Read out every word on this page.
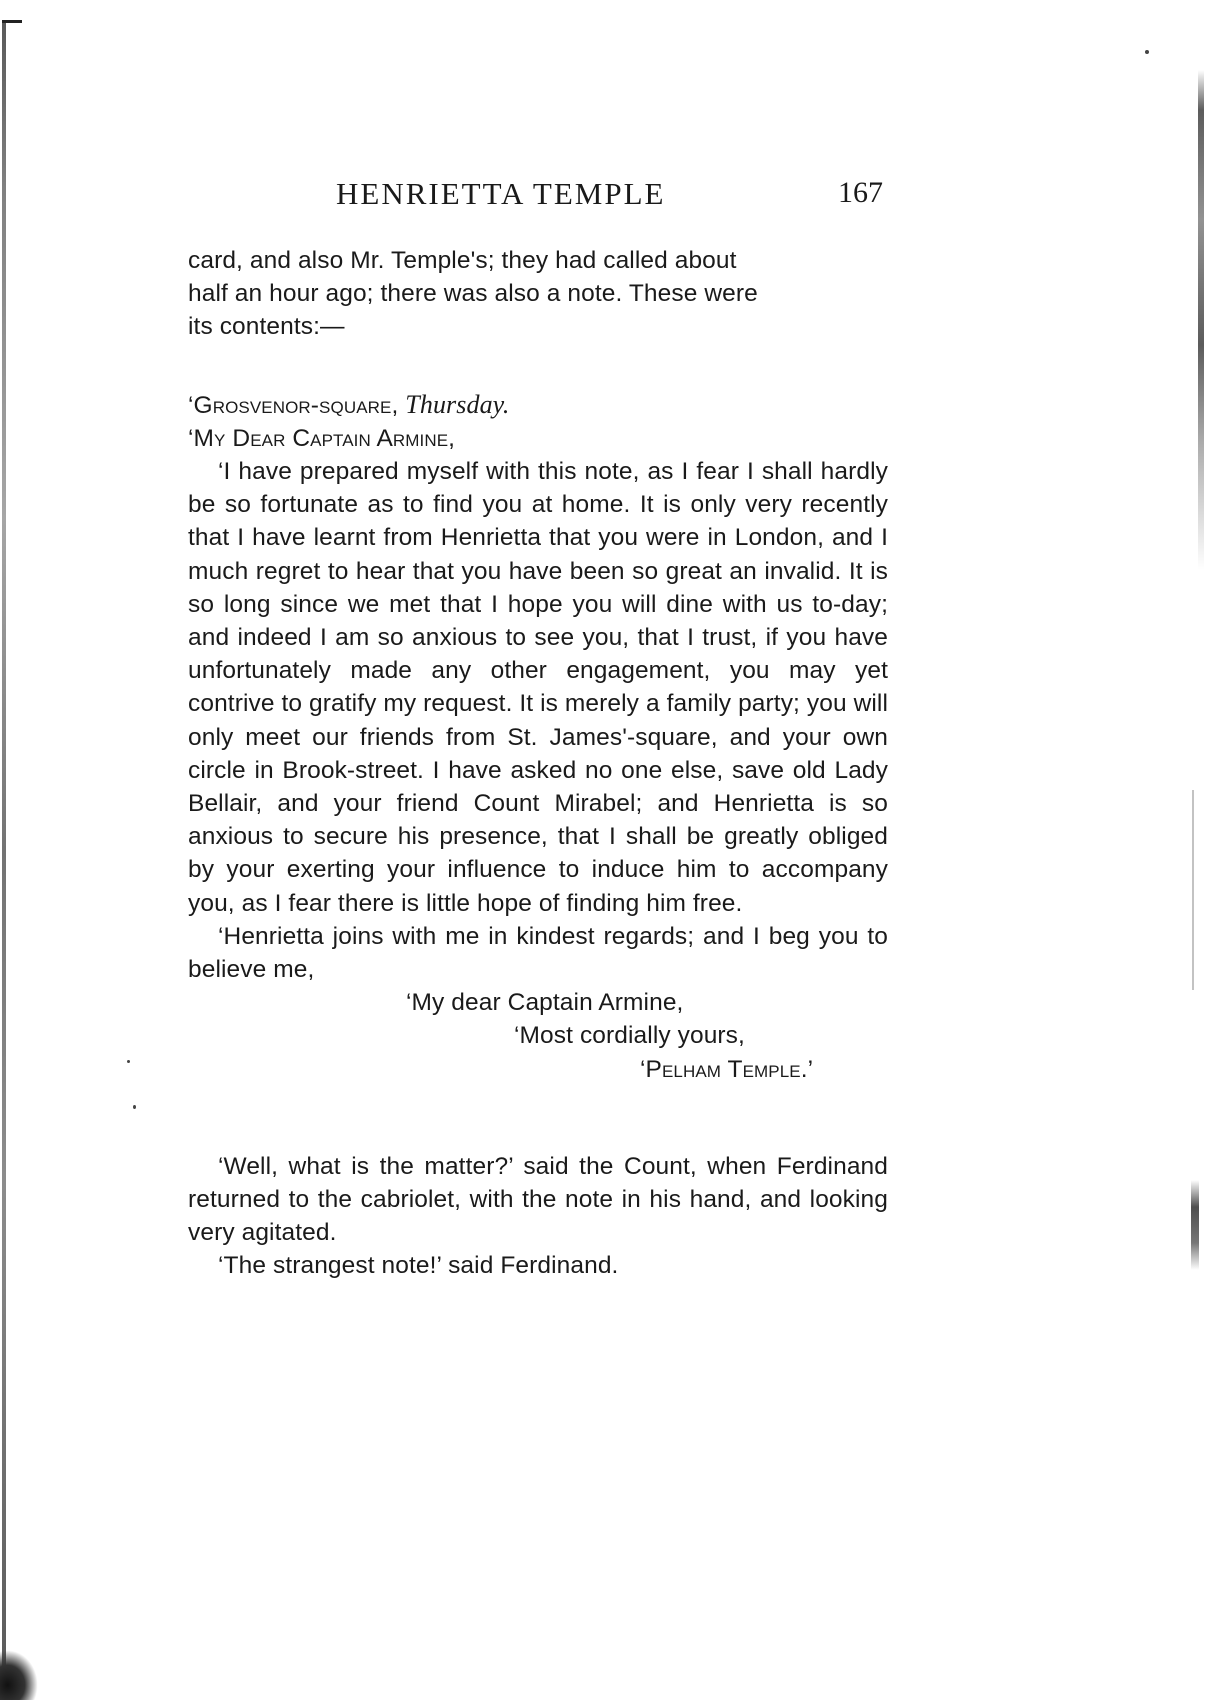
HENRIETTA TEMPLE	167

card, and also Mr. Temple's; they had called about

half an hour ago; there was also a note. These were

its contents:—

‘Grosvenor-square, Thursday.

‘My Dear Captain Armine,

‘I have prepared myself with this note, as I fear I shall hardly be so fortunate as to find you at home. It is only very recently that I have learnt from Henrietta that you were in London, and I much regret to hear that you have been so great an invalid. It is so long since we met that I hope you will dine with us to-day; and indeed I am so anxious to see you, that I trust, if you have unfortunately made any other engagement, you may yet contrive to gratify my request. It is merely a family party; you will only meet our friends from St. James'-square, and your own circle in Brook-street. I have asked no one else, save old Lady Bellair, and your friend Count Mirabel; and Henrietta is so anxious to secure his presence, that I shall be greatly obliged by your exerting your influence to induce him to accompany you, as I fear there is little hope of finding him free.

‘Henrietta joins with me in kindest regards; and I beg you to believe me,

‘My dear Captain Armine,

‘Most cordially yours,

‘Pelham Temple.’

‘Well, what is the matter?’ said the Count, when Ferdinand returned to the cabriolet, with the note in his hand, and looking very agitated.

‘The strangest note!’ said Ferdinand.
